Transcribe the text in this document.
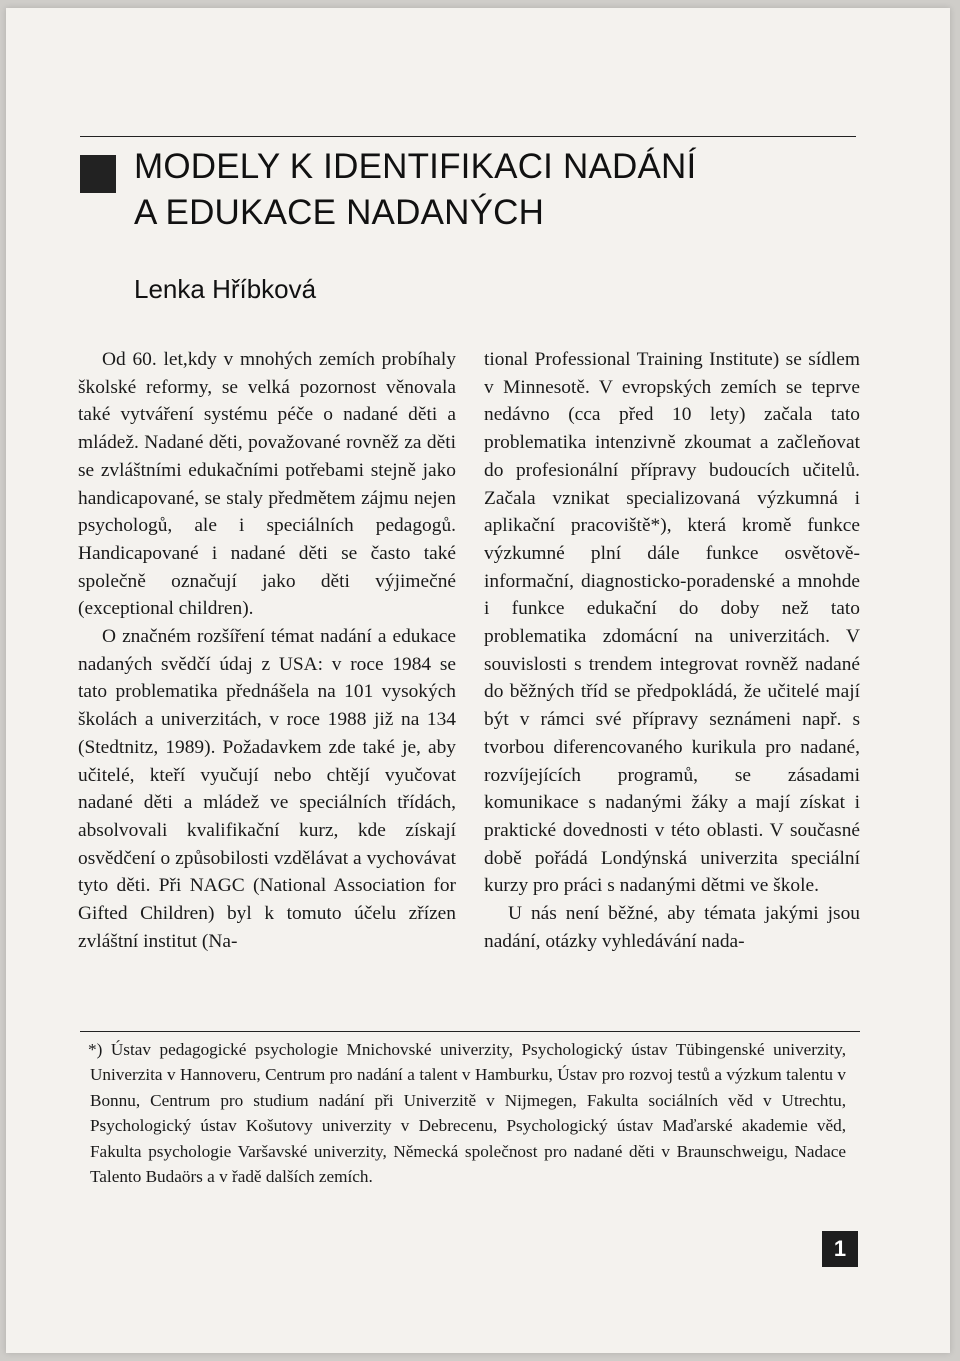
MODELY K IDENTIFIKACI NADÁNÍ
A EDUKACE NADANÝCH
Lenka Hříbková

Od 60. let,kdy v mnohých zemích probíhaly školské reformy, se velká pozornost věnovala také vytváření systému péče o nadané děti a mládež. Nadané děti, považované rovněž za děti se zvláštními edukačními potřebami stejně jako handicapované, se staly předmětem zájmu nejen psychologů, ale i speciálních pedagogů. Handicapované i nadané děti se často také společně označují jako děti výjimečné (exceptional children).

O značném rozšíření témat nadání a edukace nadaných svědčí údaj z USA: v roce 1984 se tato problematika přednášela na 101 vysokých školách a univerzitách, v roce 1988 již na 134 (Stedtnitz, 1989). Požadavkem zde také je, aby učitelé, kteří vyučují nebo chtějí vyučovat nadané děti a mládež ve speciálních třídách, absolvovali kvalifikační kurz, kde získají osvědčení o způsobilosti vzdělávat a vychovávat tyto děti. Při NAGC (National Association for Gifted Children) byl k tomuto účelu zřízen zvláštní institut (Na-

tional Professional Training Institute) se sídlem v Minnesotě. V evropských zemích se teprve nedávno (cca před 10 lety) začala tato problematika intenzivně zkoumat a začleňovat do profesionální přípravy budoucích učitelů. Začala vznikat specializovaná výzkumná i aplikační pracoviště*), která kromě funkce výzkumné plní dále funkce osvětově-informační, diagnosticko-poradenské a mnohde i funkce edukační do doby než tato problematika zdomácní na univerzitách. V souvislosti s trendem integrovat rovněž nadané do běžných tříd se předpokládá, že učitelé mají být v rámci své přípravy seznámeni např. s tvorbou diferencovaného kurikula pro nadané, rozvíjejících programů, se zásadami komunikace s nadanými žáky a mají získat i praktické dovednosti v této oblasti. V současné době pořádá Londýnská univerzita speciální kurzy pro práci s nadanými dětmi ve škole.

U nás není běžné, aby témata jakými jsou nadání, otázky vyhledávání nada-

*) Ústav pedagogické psychologie Mnichovské univerzity, Psychologický ústav Tübingenské univerzity, Univerzita v Hannoveru, Centrum pro nadání a talent v Hamburku, Ústav pro rozvoj testů a výzkum talentu v Bonnu, Centrum pro studium nadání při Univerzitě v Nijmegen, Fakulta sociálních věd v Utrechtu, Psychologický ústav Košutovy univerzity v Debrecenu, Psychologický ústav Maďarské akademie věd, Fakulta psychologie Varšavské univerzity, Německá společnost pro nadané děti v Braunschweigu, Nadace Talento Budaörs a v řadě dalších zemích.
1
